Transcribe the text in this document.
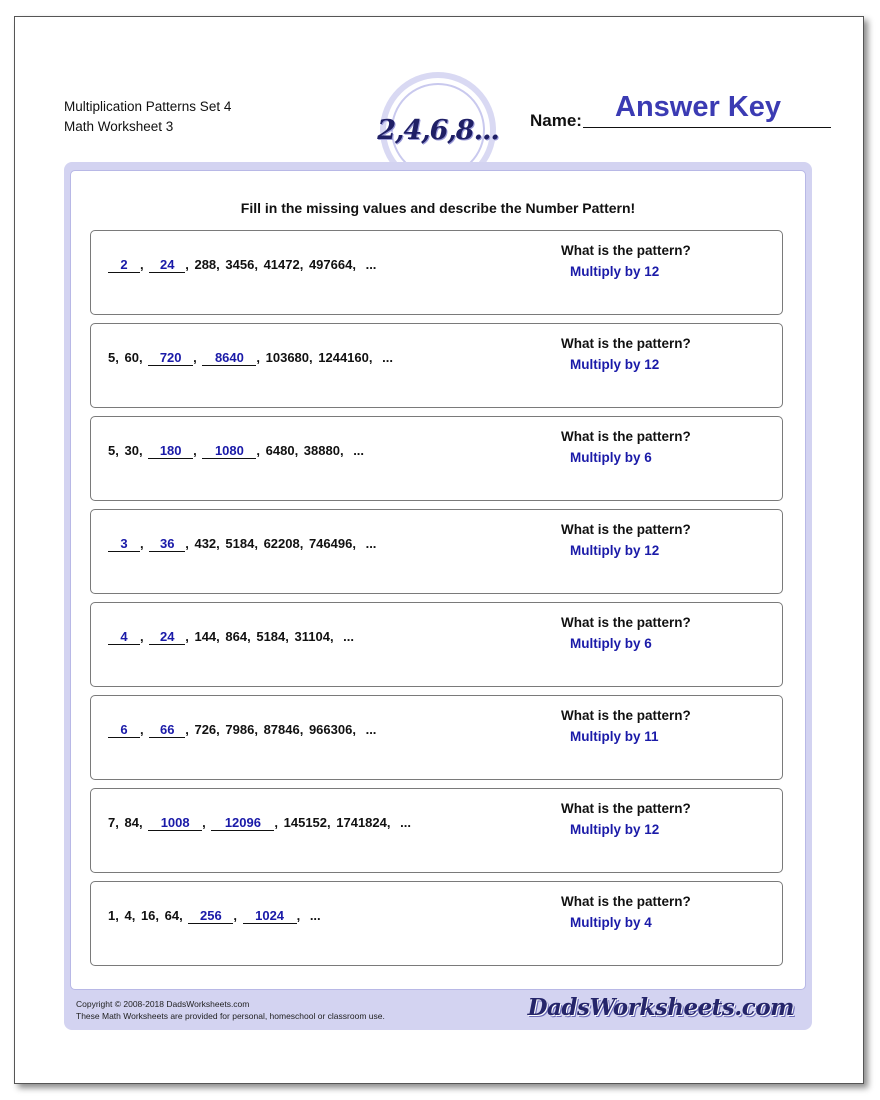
Multiplication Patterns Set 4
Math Worksheet 3	2,4,6,8... Name: Answer Key
Fill in the missing values and describe the Number Pattern!
2 , 24 , 288, 3456, 41472, 497664, ...
What is the pattern?
Multiply by 12
5, 60, 720 , 8640 , 103680, 1244160, ...
What is the pattern?
Multiply by 12
5, 30, 180 , 1080 , 6480, 38880, ...
What is the pattern?
Multiply by 6
3 , 36 , 432, 5184, 62208, 746496, ...
What is the pattern?
Multiply by 12
4 , 24 , 144, 864, 5184, 31104, ...
What is the pattern?
Multiply by 6
6 , 66 , 726, 7986, 87846, 966306, ...
What is the pattern?
Multiply by 11
7, 84, 1008 , 12096 , 145152, 1741824, ...
What is the pattern?
Multiply by 12
1, 4, 16, 64, 256 , 1024 , ...
What is the pattern?
Multiply by 4
Copyright © 2008-2018 DadsWorksheets.com
These Math Worksheets are provided for personal, homeschool or classroom use.	DadsWorksheets.com
